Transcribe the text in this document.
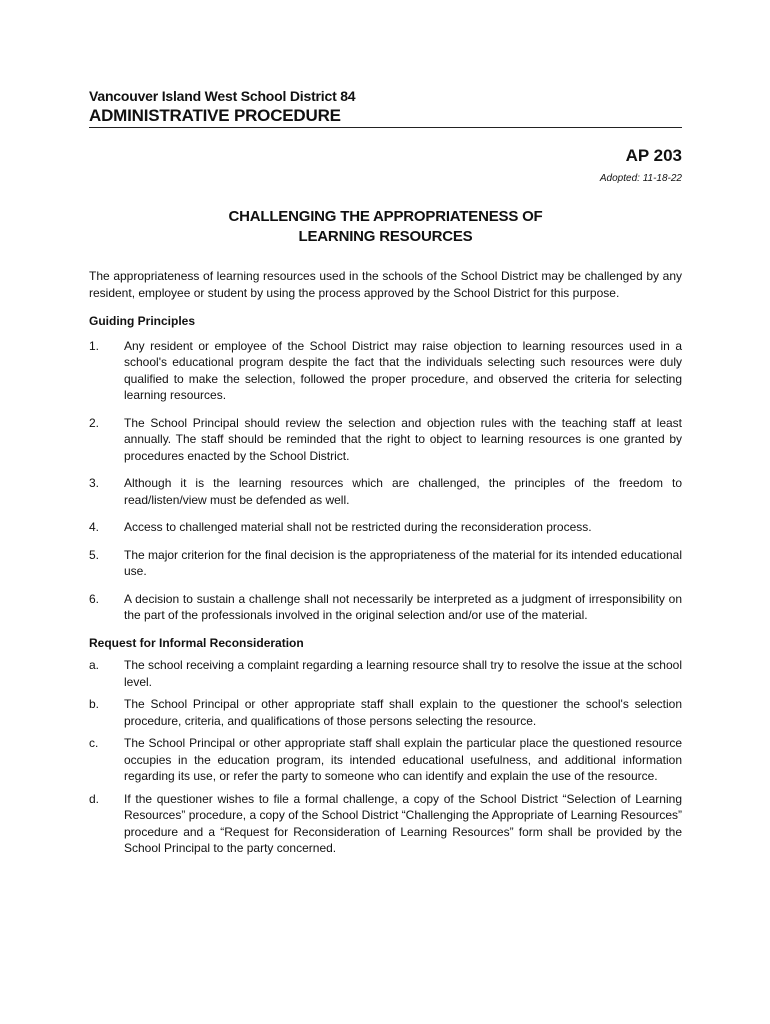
Vancouver Island West School District 84
ADMINISTRATIVE PROCEDURE
AP 203
Adopted: 11-18-22
CHALLENGING THE APPROPRIATENESS OF
LEARNING RESOURCES

The appropriateness of learning resources used in the schools of the School District may be challenged by any resident, employee or student by using the process approved by the School District for this purpose.

Guiding Principles
1.	Any resident or employee of the School District may raise objection to learning resources used in a school's educational program despite the fact that the individuals selecting such resources were duly qualified to make the selection, followed the proper procedure, and observed the criteria for selecting learning resources.
2.	The School Principal should review the selection and objection rules with the teaching staff at least annually. The staff should be reminded that the right to object to learning resources is one granted by procedures enacted by the School District.
3.	Although it is the learning resources which are challenged, the principles of the freedom to read/listen/view must be defended as well.
4.	Access to challenged material shall not be restricted during the reconsideration process.
5.	The major criterion for the final decision is the appropriateness of the material for its intended educational use.
6.	A decision to sustain a challenge shall not necessarily be interpreted as a judgment of irresponsibility on the part of the professionals involved in the original selection and/or use of the material.
Request for Informal Reconsideration
a.	The school receiving a complaint regarding a learning resource shall try to resolve the issue at the school level.
b.	The School Principal or other appropriate staff shall explain to the questioner the school's selection procedure, criteria, and qualifications of those persons selecting the resource.
c.	The School Principal or other appropriate staff shall explain the particular place the questioned resource occupies in the education program, its intended educational usefulness, and additional information regarding its use, or refer the party to someone who can identify and explain the use of the resource.
d.	If the questioner wishes to file a formal challenge, a copy of the School District “Selection of Learning Resources” procedure, a copy of the School District “Challenging the Appropriate of Learning Resources” procedure and a “Request for Reconsideration of Learning Resources” form shall be provided by the School Principal to the party concerned.
